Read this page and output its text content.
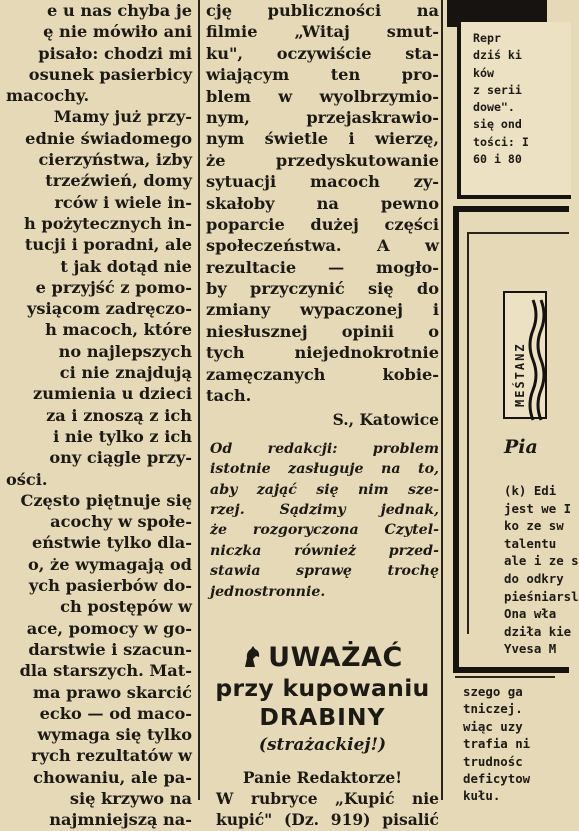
e u nas chyba je
ę nie mówiło ani
pisało: chodzi mi
osunek pasierbicy
macochy.
Mamy już przy-
ednie świadomego
cierzyństwa, izby
trzeźwień, domy
rców i wiele in-
h pożytecznych in-
tucji i poradni, ale
t jak dotąd nie
e przyjść z pomo-
ysiącom zadręczo-
h macoch, które
no najlepszych
ci nie znajdują
zumienia u dzieci
za i znoszą z ich
i nie tylko z ich
ony ciągle przy-
ości.
Często piętnuje się
acochy w społe-
eństwie tylko dla-
o, że wymagają od
ych pasierbów do-
ch postępów w
ace, pomocy w go-
darstwie i szacun-
dla starszych. Mat-
ma prawo skarcić
ecko — od maco-
wymaga się tylko
rych rezultatów w
chowaniu, ale pa-
się krzywo na
najmniejszą na-
cję publiczności na
filmie „Witaj smut-
ku", oczywiście sta-
wiającym ten pro-
blem w wyolbrzymio-
nym, przejaskrawio-
nym świetle i wierzę,
że przedyskutowanie
sytuacji macoch zy-
skałoby na pewno
poparcie dużej części
społeczeństwa. A w
rezultacie — mogło-
by przyczynić się do
zmiany wypaczonej i
niesłusznej opinii o
tych niejednokrotnie
zamęczanych kobie-
tach.
S., Katowice
Od redakcji: problem
istotnie zasługuje na to,
aby zająć się nim sze-
rzej. Sądzimy jednak,
że rozgoryczona Czytel-
niczka również przed-
stawia sprawę trochę
jednostronnie.
UWAŻAĆ
przy kupowaniu
DRABINY
(strażackiej!)
Panie Redaktorze!
W rubryce „Kupić nie
kupić" (Dz. 919) pisalić
Repr
dziś ki
ków
z serii
dowe".
się ond
tości: I
60 i 80
MEŚTANZ
Pia
(k) Edi
jest we I
ko ze sw
talentu
ale i ze s
do odkry
pieśniarsl
Ona wła
dziła kie
Yvesa M
szego ga
tniczej.
wiąc uzy
trafia ni
trudnośc
deficytow
kułu.
